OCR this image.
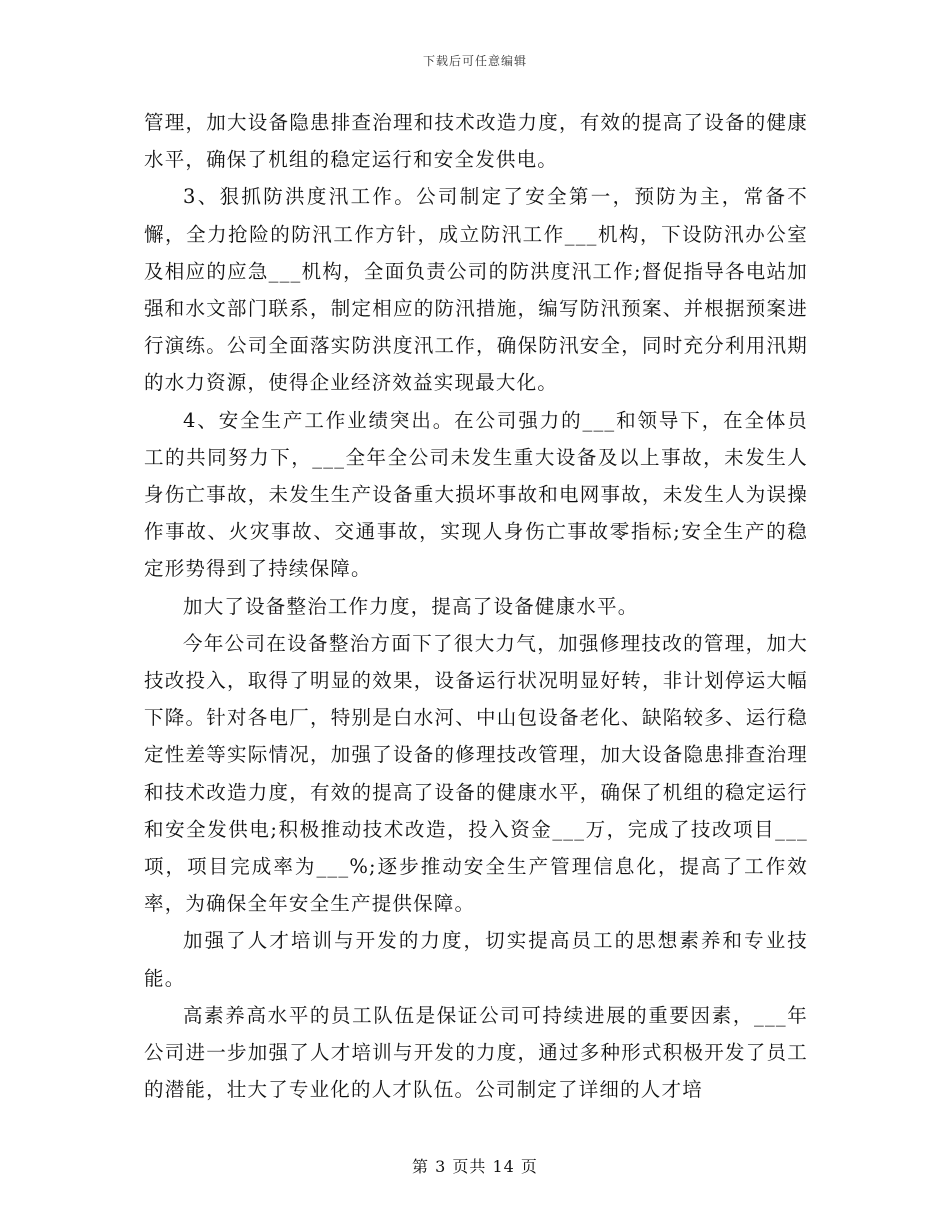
下载后可任意编辑

管理，加大设备隐患排查治理和技术改造力度，有效的提高了设备的健康水平，确保了机组的稳定运行和安全发供电。

3、狠抓防洪度汛工作。公司制定了安全第一，预防为主，常备不懈，全力抢险的防汛工作方针，成立防汛工作___机构，下设防汛办公室及相应的应急___机构，全面负责公司的防洪度汛工作;督促指导各电站加强和水文部门联系，制定相应的防汛措施，编写防汛预案、并根据预案进行演练。公司全面落实防洪度汛工作，确保防汛安全，同时充分利用汛期的水力资源，使得企业经济效益实现最大化。

4、安全生产工作业绩突出。在公司强力的___和领导下，在全体员工的共同努力下，___全年全公司未发生重大设备及以上事故，未发生人身伤亡事故，未发生生产设备重大损坏事故和电网事故，未发生人为误操作事故、火灾事故、交通事故，实现人身伤亡事故零指标;安全生产的稳定形势得到了持续保障。

加大了设备整治工作力度，提高了设备健康水平。

今年公司在设备整治方面下了很大力气，加强修理技改的管理，加大技改投入，取得了明显的效果，设备运行状况明显好转，非计划停运大幅下降。针对各电厂，特别是白水河、中山包设备老化、缺陷较多、运行稳定性差等实际情况，加强了设备的修理技改管理，加大设备隐患排查治理和技术改造力度，有效的提高了设备的健康水平，确保了机组的稳定运行和安全发供电;积极推动技术改造，投入资金___万，完成了技改项目___项，项目完成率为___%;逐步推动安全生产管理信息化，提高了工作效率，为确保全年安全生产提供保障。

加强了人才培训与开发的力度，切实提高员工的思想素养和专业技能。

高素养高水平的员工队伍是保证公司可持续进展的重要因素，___年公司进一步加强了人才培训与开发的力度，通过多种形式积极开发了员工的潜能，壮大了专业化的人才队伍。公司制定了详细的人才培

第 3 页共 14 页
